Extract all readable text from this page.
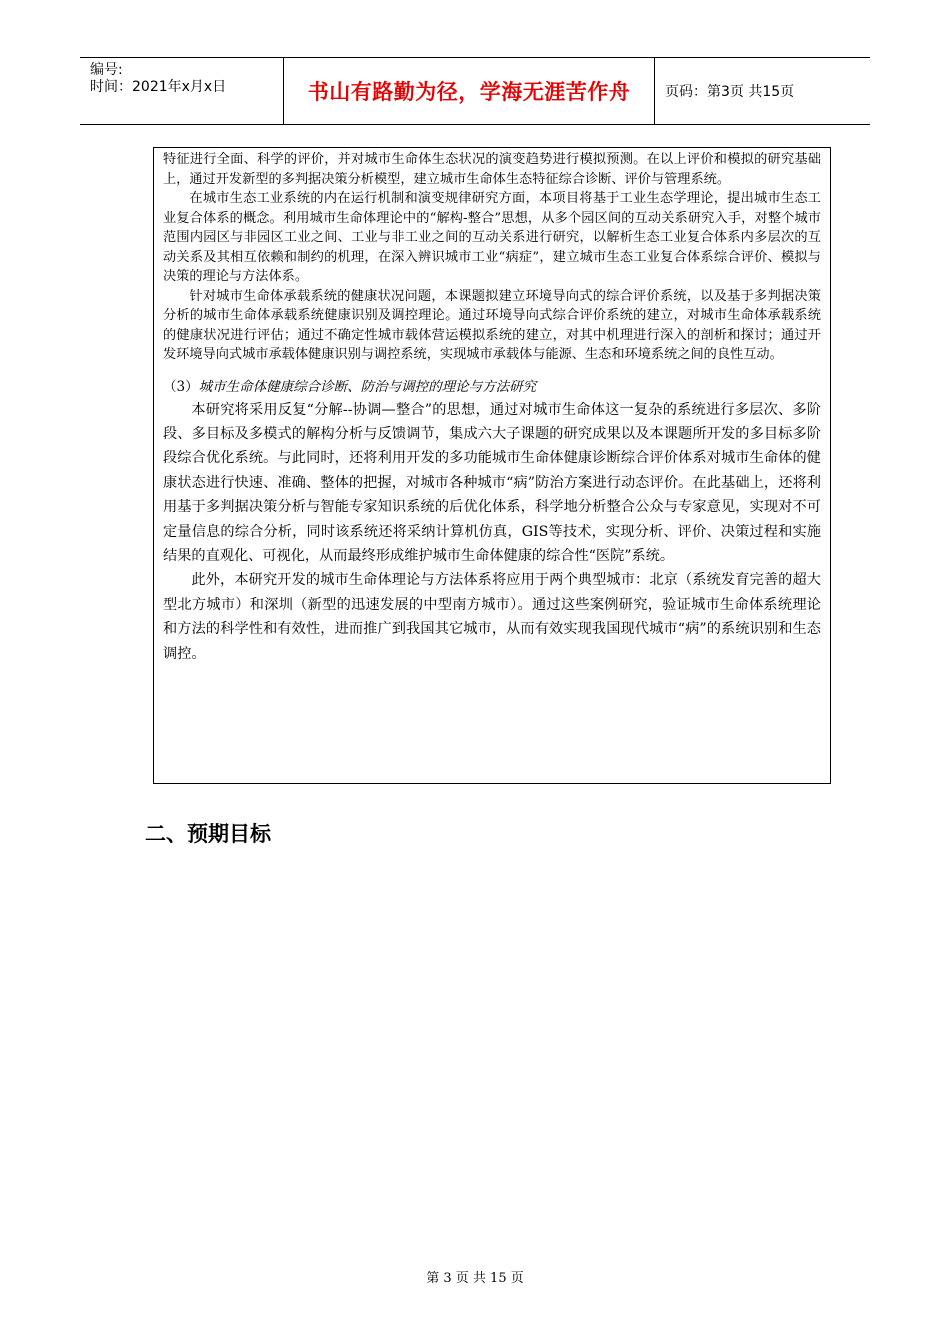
编号:
时间：2021年x月x日	书山有路勤为径，学海无涯苦作舟	页码：第3页 共15页

特征进行全面、科学的评价，并对城市生命体生态状况的演变趋势进行模拟预测。在以上评价和模拟的研究基础上，通过开发新型的多判据决策分析模型，建立城市生命体生态特征综合诊断、评价与管理系统。

在城市生态工业系统的内在运行机制和演变规律研究方面，本项目将基于工业生态学理论，提出城市生态工业复合体系的概念。利用城市生命体理论中的“解构-整合”思想，从多个园区间的互动关系研究入手，对整个城市范围内园区与非园区工业之间、工业与非工业之间的互动关系进行研究，以解析生态工业复合体系内多层次的互动关系及其相互依赖和制约的机理，在深入辨识城市工业“病症”，建立城市生态工业复合体系综合评价、模拟与决策的理论与方法体系。

针对城市生命体承载系统的健康状况问题，本课题拟建立环境导向式的综合评价系统，以及基于多判据决策分析的城市生命体承载系统健康识别及调控理论。通过环境导向式综合评价系统的建立，对城市生命体承载系统的健康状况进行评估；通过不确定性城市载体营运模拟系统的建立，对其中机理进行深入的剖析和探讨；通过开发环境导向式城市承载体健康识别与调控系统，实现城市承载体与能源、生态和环境系统之间的良性互动。

（3）城市生命体健康综合诊断、防治与调控的理论与方法研究

本研究将采用反复“分解--协调—整合”的思想，通过对城市生命体这一复杂的系统进行多层次、多阶段、多目标及多模式的解构分析与反馈调节，集成六大子课题的研究成果以及本课题所开发的多目标多阶段综合优化系统。与此同时，还将利用开发的多功能城市生命体健康诊断综合评价体系对城市生命体的健康状态进行快速、准确、整体的把握，对城市各种城市“病”防治方案进行动态评价。在此基础上，还将利用基于多判据决策分析与智能专家知识系统的后优化体系，科学地分析整合公众与专家意见，实现对不可定量信息的综合分析，同时该系统还将采纳计算机仿真，GIS等技术，实现分析、评价、决策过程和实施结果的直观化、可视化，从而最终形成维护城市生命体健康的综合性“医院”系统。

此外，本研究开发的城市生命体理论与方法体系将应用于两个典型城市：北京（系统发育完善的超大型北方城市）和深圳（新型的迅速发展的中型南方城市）。通过这些案例研究，验证城市生命体系统理论和方法的科学性和有效性，进而推广到我国其它城市，从而有效实现我国现代城市“病”的系统识别和生态调控。

二、预期目标
第 3 页 共 15 页
